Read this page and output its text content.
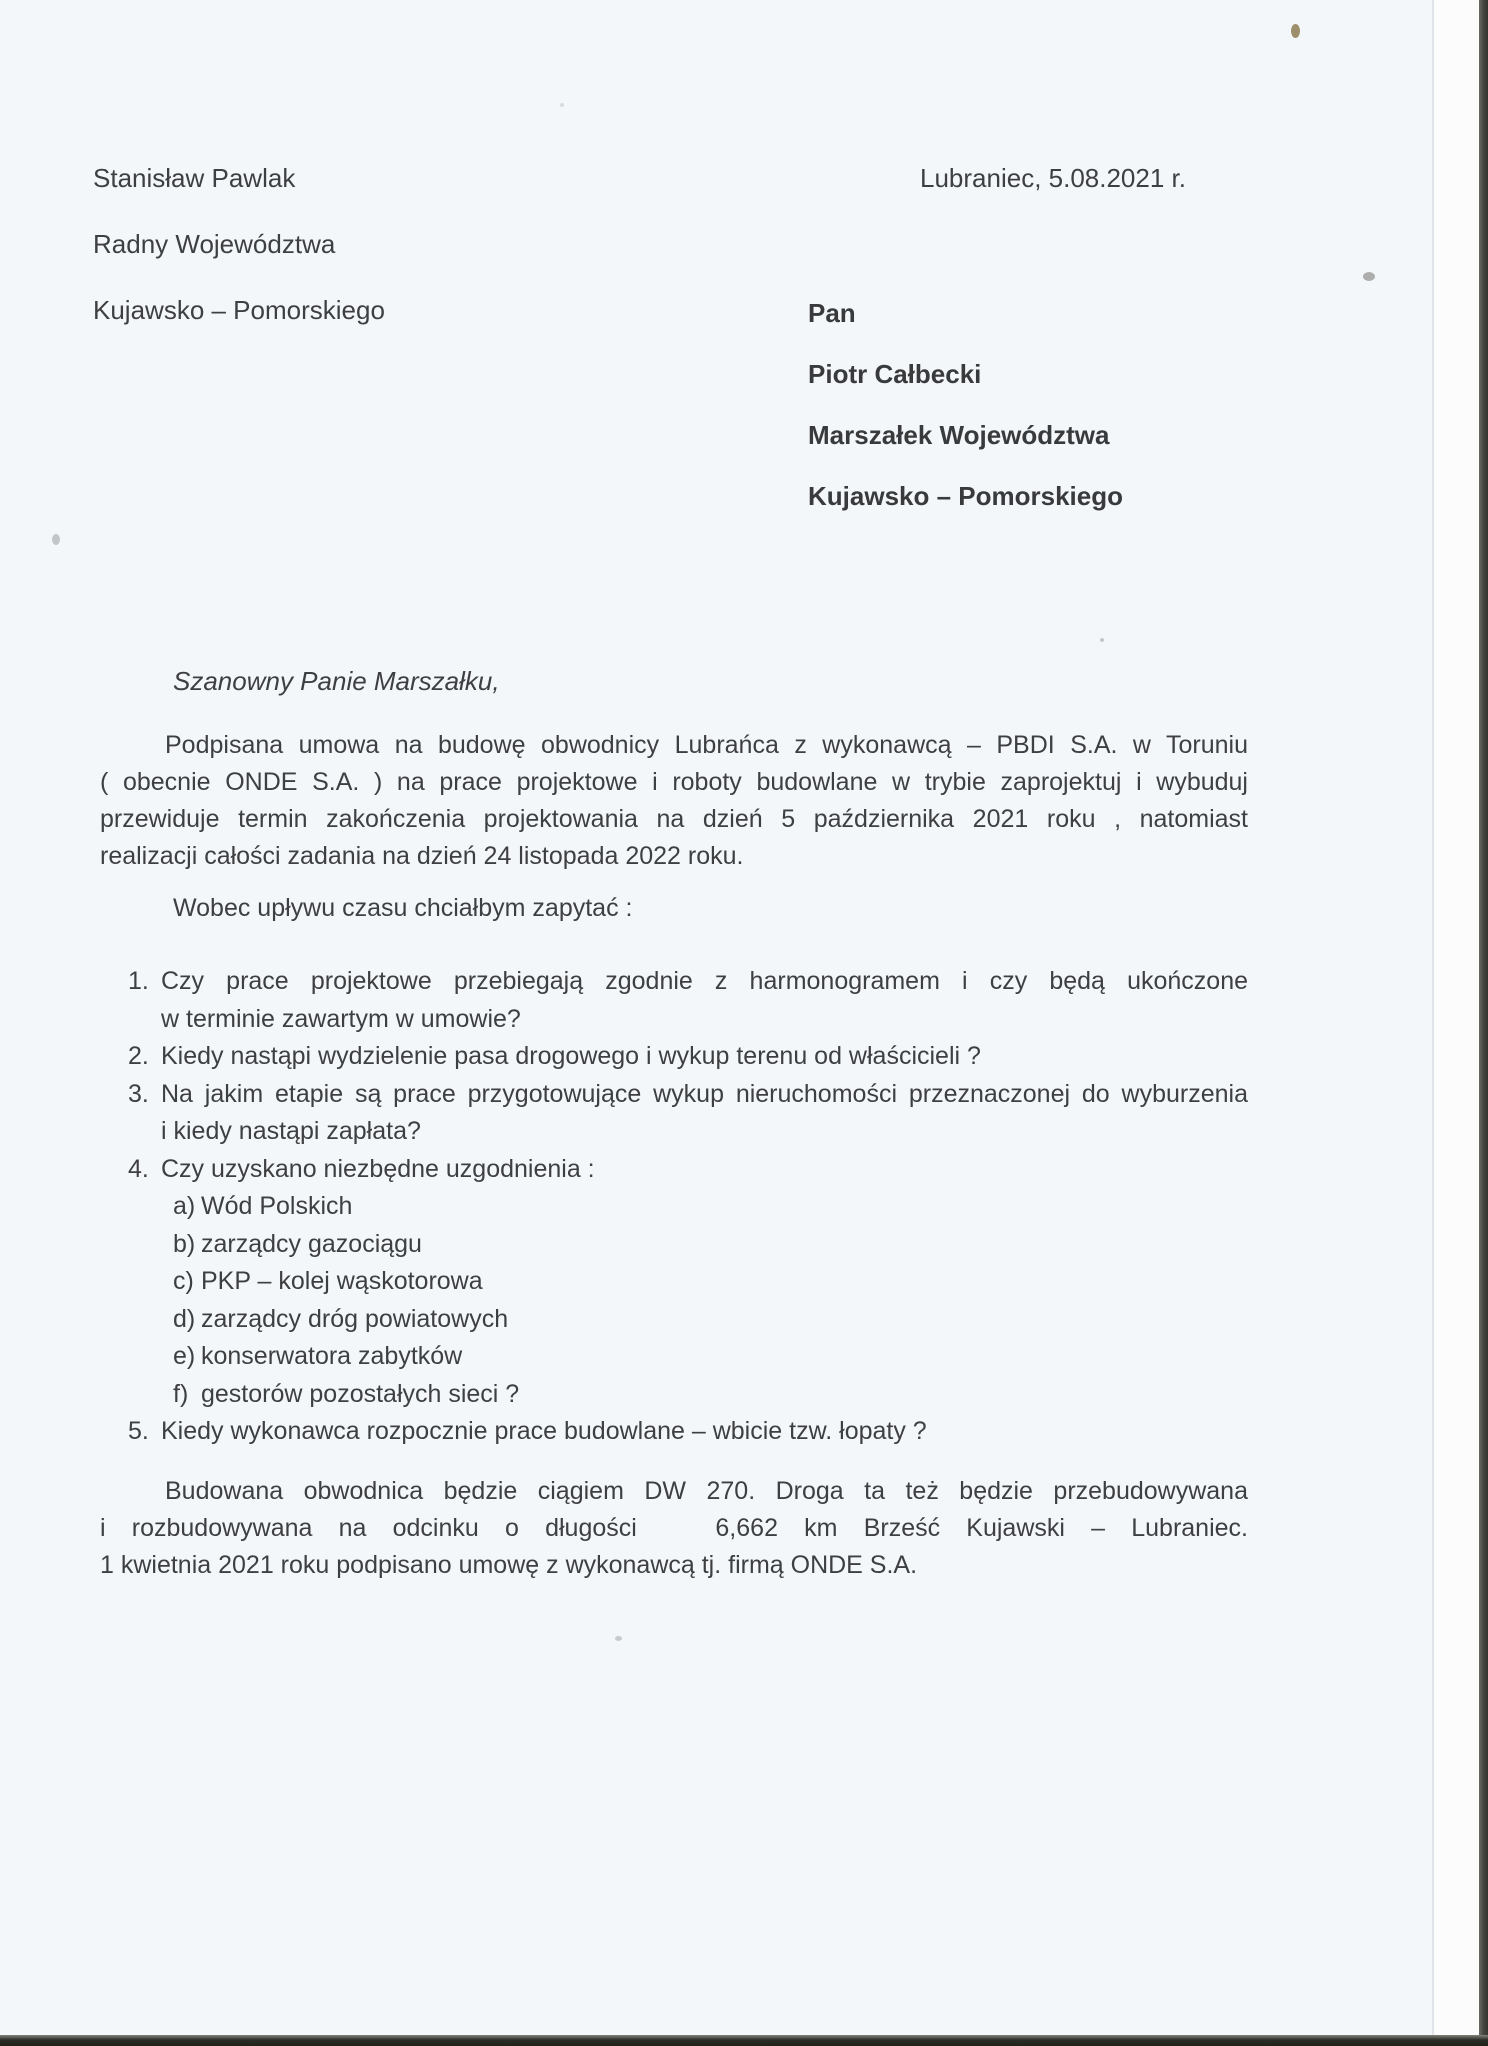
Stanisław Pawlak
Radny Województwa
Kujawsko – Pomorskiego
Lubraniec, 5.08.2021 r.
Pan
Piotr Całbecki
Marszałek Województwa
Kujawsko – Pomorskiego
Szanowny Panie Marszałku,
Podpisana umowa na budowę obwodnicy Lubrańca z wykonawcą – PBDI S.A. w Toruniu
( obecnie ONDE S.A. ) na prace projektowe i roboty budowlane w trybie zaprojektuj i wybuduj
przewiduje termin zakończenia projektowania na dzień 5 października 2021 roku , natomiast
realizacji całości zadania na dzień 24 listopada 2022 roku.
Wobec upływu czasu chciałbym zapytać :
1. Czy prace projektowe przebiegają zgodnie z harmonogramem i czy będą ukończone
w terminie zawartym w umowie?
2. Kiedy nastąpi wydzielenie pasa drogowego i wykup terenu od właścicieli ?
3. Na jakim etapie są prace przygotowujące wykup nieruchomości przeznaczonej do wyburzenia
i kiedy nastąpi zapłata?
4. Czy uzyskano niezbędne uzgodnienia :
a) Wód Polskich
b) zarządcy gazociągu
c) PKP – kolej wąskotorowa
d) zarządcy dróg powiatowych
e) konserwatora zabytków
f) gestorów pozostałych sieci ?
5. Kiedy wykonawca rozpocznie prace budowlane – wbicie tzw. łopaty ?
Budowana obwodnica będzie ciągiem DW 270. Droga ta też będzie przebudowywana
i rozbudowywana na odcinku o długości   6,662 km Brześć Kujawski – Lubraniec.
1 kwietnia 2021 roku podpisano umowę z wykonawcą tj. firmą ONDE S.A.
